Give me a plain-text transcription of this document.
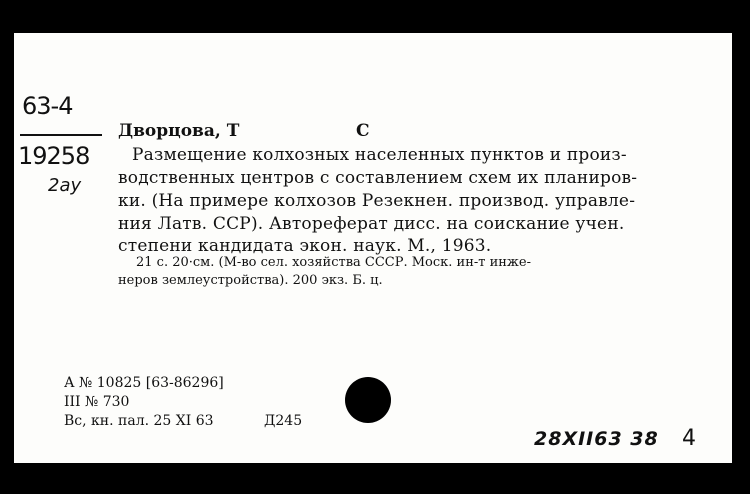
63-4
19258
2ау
Дворцова, Т	С
Размещение колхозных населенных пунктов и произ-
водственных центров с составлением схем их планиров-
ки. (На примере колхозов Резекнен. производ. управле-
ния Латв. ССР). Автореферат дисс. на соискание учен.
степени кандидата экон. наук. М., 1963.
21 с. 20·см. (М-во сел. хозяйства СССР. Моск. ин-т инже-
неров землеустройства). 200 экз. Б. ц.
А № 10825 [63-86296]
III № 730
Вс, кн. пал. 25 XI 63	Д245
28XII63 38 4
